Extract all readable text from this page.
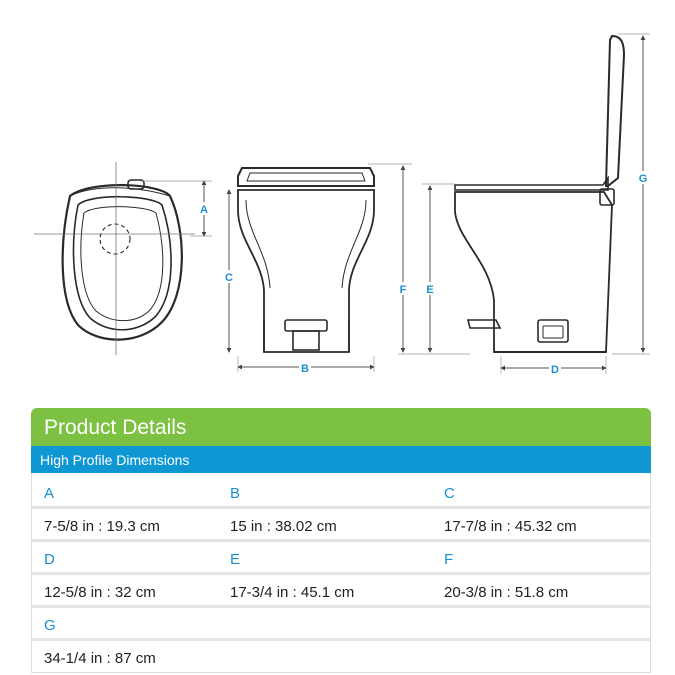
A
C
B
F E
D
G
Product Details
High Profile Dimensions
A	B	C
7-5/8 in : 19.3 cm	15 in : 38.02 cm	17-7/8 in : 45.32 cm
D	E	F
12-5/8 in : 32 cm	17-3/4 in : 45.1 cm	20-3/8 in : 51.8 cm
G
34-1/4 in : 87 cm
